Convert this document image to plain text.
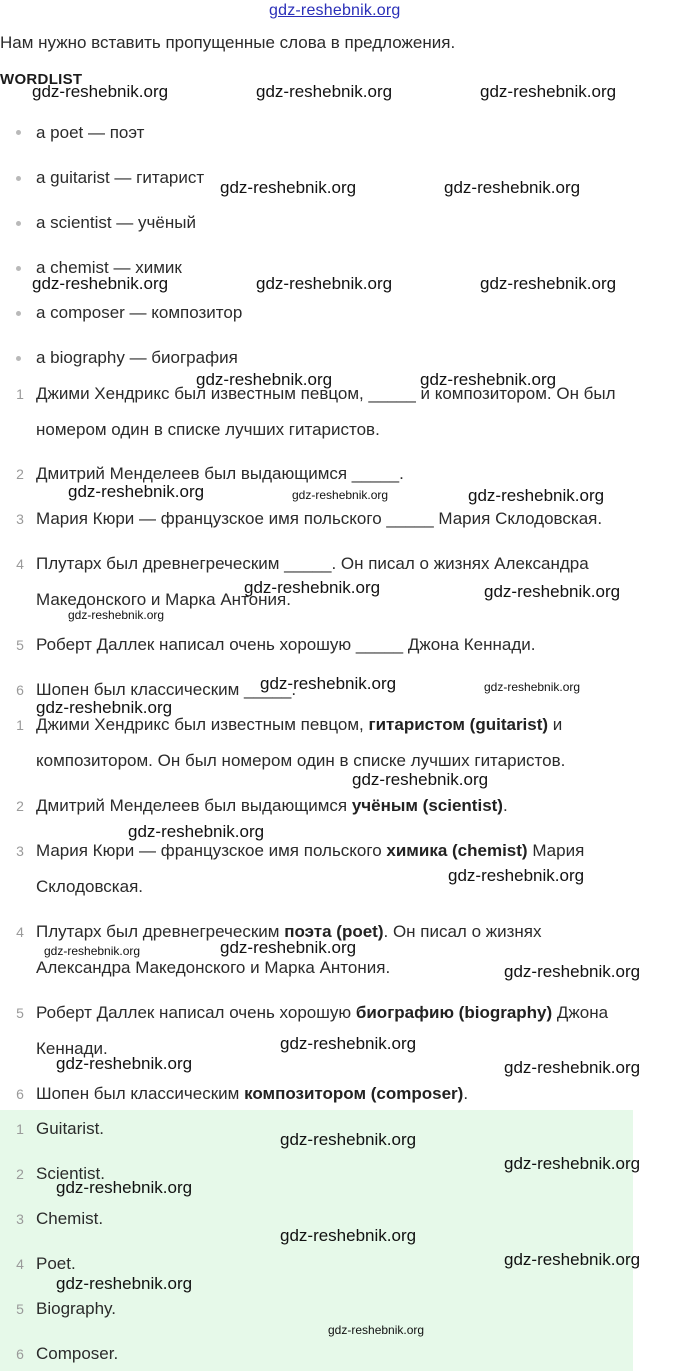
gdz-reshebnik.org
Нам нужно вставить пропущенные слова в предложения.
WORDLIST
a poet — поэт
a guitarist — гитарист
a scientist — учёный
a chemist — химик
a composer — композитор
a biography — биография
1 Джими Хендрикс был известным певцом, _____ и композитором. Он был
номером один в списке лучших гитаристов.
2 Дмитрий Менделеев был выдающимся _____.
3 Мария Кюри — французское имя польского _____ Мария Склодовская.
4 Плутарх был древнегреческим _____. Он писал о жизнях Александра
Македонского и Марка Антония.
5 Роберт Даллек написал очень хорошую _____ Джона Кеннади.
6 Шопен был классическим _____.
1 Джими Хендрикс был известным певцом, гитаристом (guitarist) и
композитором. Он был номером один в списке лучших гитаристов.
2 Дмитрий Менделеев был выдающимся учёным (scientist).
3 Мария Кюри — французское имя польского химика (chemist) Мария
Склодовская.
4 Плутарх был древнегреческим поэта (poet). Он писал о жизнях
Александра Македонского и Марка Антония.
5 Роберт Даллек написал очень хорошую биографию (biography) Джона
Кеннади.
6 Шопен был классическим композитором (composer).
1 Guitarist.
2 Scientist.
3 Chemist.
4 Poet.
5 Biography.
6 Composer.
gdz-reshebnik.org	gdz-reshebnik.org	gdz-reshebnik.org
gdz-reshebnik.org	gdz-reshebnik.org
gdz-reshebnik.org	gdz-reshebnik.org	gdz-reshebnik.org
gdz-reshebnik.org	gdz-reshebnik.org
gdz-reshebnik.org	gdz-reshebnik.org	gdz-reshebnik.org
gdz-reshebnik.org	gdz-reshebnik.org
gdz-reshebnik.org
gdz-reshebnik.org	gdz-reshebnik.org
gdz-reshebnik.org
gdz-reshebnik.org
gdz-reshebnik.org
gdz-reshebnik.org
gdz-reshebnik.org
gdz-reshebnik.org
gdz-reshebnik.org
gdz-reshebnik.org
gdz-reshebnik.org	gdz-reshebnik.org
gdz-reshebnik.org
gdz-reshebnik.org
gdz-reshebnik.org
gdz-reshebnik.org
gdz-reshebnik.org
gdz-reshebnik.org
gdz-reshebnik.org
